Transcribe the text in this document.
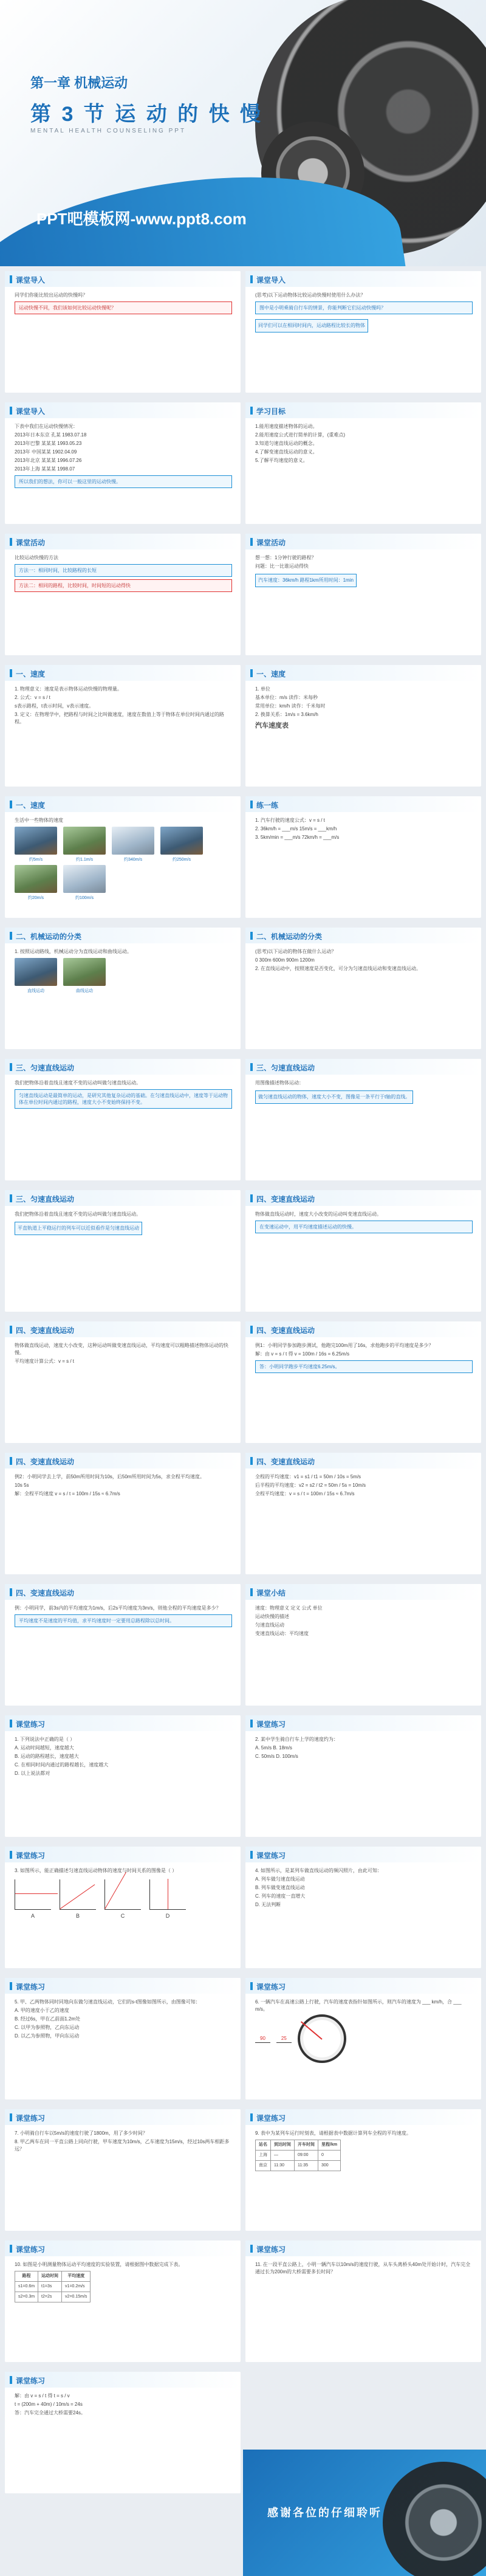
第一章 机械运动
第 3 节 运 动 的 快 慢
MENTAL HEALTH COUNSELING PPT
PPT吧模板网-www.ppt8.com
课堂导入

同学们你能比较出运动的快慢吗？

运动快慢不同，我们该如何比较运动快慢呢？
课堂导入

(思考)以下运动物体比较运动快慢时使用什么办法？

图中是小明乘骑自行车的情景，你能判断它们运动快慢吗？
同学们可以在相同时间内，运动路程比较长的物体
课堂导入

下表中我们在运动快慢情况：

2013年日本东京 孔某 1983.07.18

2013年巴黎 某某某 1993.05.23

2013年 中国某某 1902.04.09

2013年北京 某某某 1996.07.26

2013年上海 某某某 1998.07

所以我们的想法，你可以一般这里的运动快慢。
学习目标

1.能用速度描述物体的运动。

2.能用速度公式进行简单的计算，(重难点)

3.知道匀速直线运动的概念。

4.了解变速直线运动的意义。

5.了解平均速度的意义。

课堂活动

比较运动快慢的方法

方法一：相同时间，比较路程的长短
方法二：相同的路程，比较时间，时间短的运动得快
课堂活动

想一想：1分钟行驶的路程？

问题：比一比谁运动得快

汽车速度：36km/h 路程1km所用时间：1min
一、速度

1. 物理意义：速度是表示物体运动快慢的物理量。

2. 公式：v = s / t

s表示路程，t表示时间，v表示速度。

3. 定义：在物理学中，把路程与时间之比叫做速度，速度在数值上等于物体在单位时间内通过的路程。

一、速度

1. 单位

基本单位：m/s 读作：米每秒

常用单位：km/h 读作：千米每时

2. 换算关系：1m/s = 3.6km/h

汽车速度表
一、速度

生活中一些物体的速度

约5m/s	约1.1m/s	约340m/s	约250m/s
约20m/s	约100m/s
练一练

1. 汽车行驶的速度公式：v = s / t

2. 36km/h = ___m/s 15m/s = ___km/h

3. 5km/min = ___m/s 72km/h = ___m/s

二、机械运动的分类

1. 按照运动路线，机械运动分为直线运动和曲线运动。

直线运动	曲线运动
二、机械运动的分类

(思考)以下运动的物体在做什么运动？

0 300m 600m 900m 1200m

2. 在直线运动中，按照速度是否变化，可分为匀速直线运动和变速直线运动。

三、匀速直线运动

我们把物体沿着直线且速度不变的运动叫做匀速直线运动。

匀速直线运动是最简单的运动，是研究其他复杂运动的基础。在匀速直线运动中，速度等于运动物体在单位时间内通过的路程，速度大小不变始终保持不变。
三、匀速直线运动

用图像描述物体运动：

做匀速直线运动的物体，速度大小不变，图像是一条平行于t轴的直线。
三、匀速直线运动

我们把物体沿着直线且速度不变的运动叫做匀速直线运动。

平直轨道上平稳运行的列车可以近似看作是匀速直线运动
四、变速直线运动

物体做直线运动时，速度大小改变的运动叫变速直线运动。

在变速运动中，用平均速度描述运动的快慢。
四、变速直线运动

物体做直线运动，速度大小改变，这种运动叫做变速直线运动，平均速度可以粗略描述物体运动的快慢。

平均速度计算公式：v = s / t

四、变速直线运动

例1：小明同学参加跑步测试，他跑完100m用了16s，求他跑步的平均速度是多少？

解：由 v = s / t 得 v = 100m / 16s = 6.25m/s

答：小明同学跑步平均速度6.25m/s。
四、变速直线运动

例2：小明同学去上学，前50m所用时间为10s，后50m所用时间为5s，求全程平均速度。

10s 5s

解：全程平均速度 v = s / t = 100m / 15s ≈ 6.7m/s

四、变速直线运动

全程的平均速度：v1 = s1 / t1 = 50m / 10s = 5m/s

后半程的平均速度：v2 = s2 / t2 = 50m / 5s = 10m/s

全程平均速度：v = s / t = 100m / 15s ≈ 6.7m/s

四、变速直线运动

例：小明同学，前3s内的平均速度为1m/s，后2s平均速度为3m/s，则他全程的平均速度是多少？

平均速度不是速度的平均值，求平均速度时一定要用总路程除以总时间。
课堂小结

速度：物理意义 定义 公式 单位

运动快慢的描述

匀速直线运动

变速直线运动：平均速度

课堂练习

1. 下列说法中正确的是（ ）

A. 运动时间越短，速度越大

B. 运动的路程越长，速度越大

C. 在相同时间内通过的路程越长，速度越大

D. 以上说法都对

课堂练习

2. 某中学生骑自行车上学的速度约为：

A. 5m/s B. 18m/s

C. 50m/s D. 100m/s

课堂练习

3. 如图所示，能正确描述匀速直线运动物体的速度与时间关系的图像是（ ）

A	B	C	D
课堂练习

4. 如图所示，是某列车做直线运动的频闪照片，由此可知：

A. 列车做匀速直线运动

B. 列车做变速直线运动

C. 列车的速度一直增大

D. 无法判断

课堂练习

5. 甲、乙两物体同时同地向东做匀速直线运动，它们的s-t图像如图所示，由图像可知：

A. 甲的速度小于乙的速度

B. 经过6s，甲在乙前面1.2m处

C. 以甲为参照物，乙向东运动

D. 以乙为参照物，甲向东运动

课堂练习

6. 一辆汽车在高速公路上行驶，汽车的速度表指针如图所示，则汽车的速度为 ___ km/h，合 ___ m/s。

90	25
课堂练习

7. 小明骑自行车以5m/s的速度行驶了1800m，用了多少时间？

8. 甲乙两车在同一平直公路上同向行驶，甲车速度为10m/s，乙车速度为15m/s，经过10s两车相距多远？

课堂练习

9. 表中为某列车运行时刻表，请根据表中数据计算列车全程的平均速度。

站名	到达时间	开车时间	里程/km
上海	—	09:00	0
南京	11:30	11:35	300
课堂练习

10. 如图是小明测量物体运动平均速度的实验装置，请根据图中数据完成下表。

路程	运动时间	平均速度
s1=0.6m	t1=3s	v1=0.2m/s
s2=0.3m	t2=2s	v2=0.15m/s
课堂练习

11. 在一段平直公路上，小明一辆汽车以10m/s的速度行驶，从车头离桥头40m处开始计时，汽车完全通过长为200m的大桥需要多长时间？

课堂练习

解：由 v = s / t 得 t = s / v

t = (200m + 40m) / 10m/s = 24s

答：汽车完全通过大桥需要24s。

感谢各位的仔细聆听
